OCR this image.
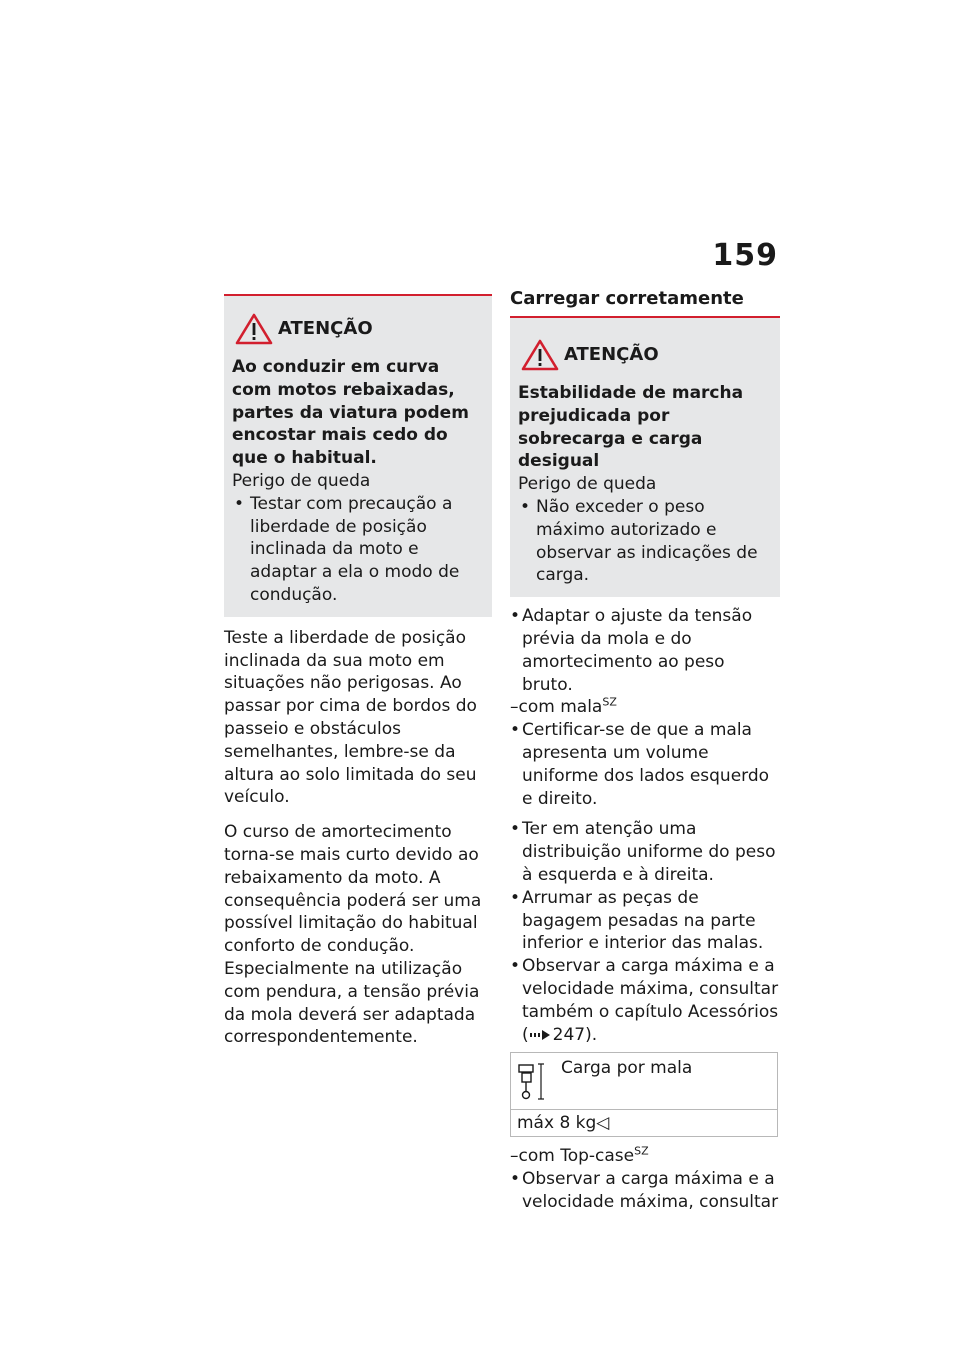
159
ATENÇÃO
Ao conduzir em curva com motos rebaixadas, partes da viatura podem encostar mais cedo do que o habitual.
Perigo de queda
• Testar com precaução a liberdade de posição inclinada da moto e adaptar a ela o modo de condução.

Teste a liberdade de posição inclinada da sua moto em situações não perigosas. Ao passar por cima de bordos do passeio e obstáculos semelhantes, lembre-se da altura ao solo limitada do seu veículo.

O curso de amortecimento torna-se mais curto devido ao rebaixamento da moto. A consequência poderá ser uma possível limitação do habitual conforto de condução. Especialmente na utilização com pendura, a tensão prévia da mola deverá ser adaptada correspondentemente.

Carregar corretamente
ATENÇÃO
Estabilidade de marcha prejudicada por sobrecarga e carga desigual
Perigo de queda
• Não exceder o peso máximo autorizado e observar as indicações de carga.
• Adaptar o ajuste da tensão prévia da mola e do amortecimento ao peso bruto.
–com mala$^{SZ}$
• Certificar-se de que a mala apresenta um volume uniforme dos lados esquerdo e direito.
• Ter em atenção uma distribuição uniforme do peso à esquerda e à direita.
• Arrumar as peças de bagagem pesadas na parte inferior e interior das malas.
• Observar a carga máxima e a velocidade máxima, consultar também o capítulo Acessórios
( 247).
Carga por mala
máx 8 kg◁
–com Top-case$^{SZ}$
• Observar a carga máxima e a velocidade máxima, consultar
